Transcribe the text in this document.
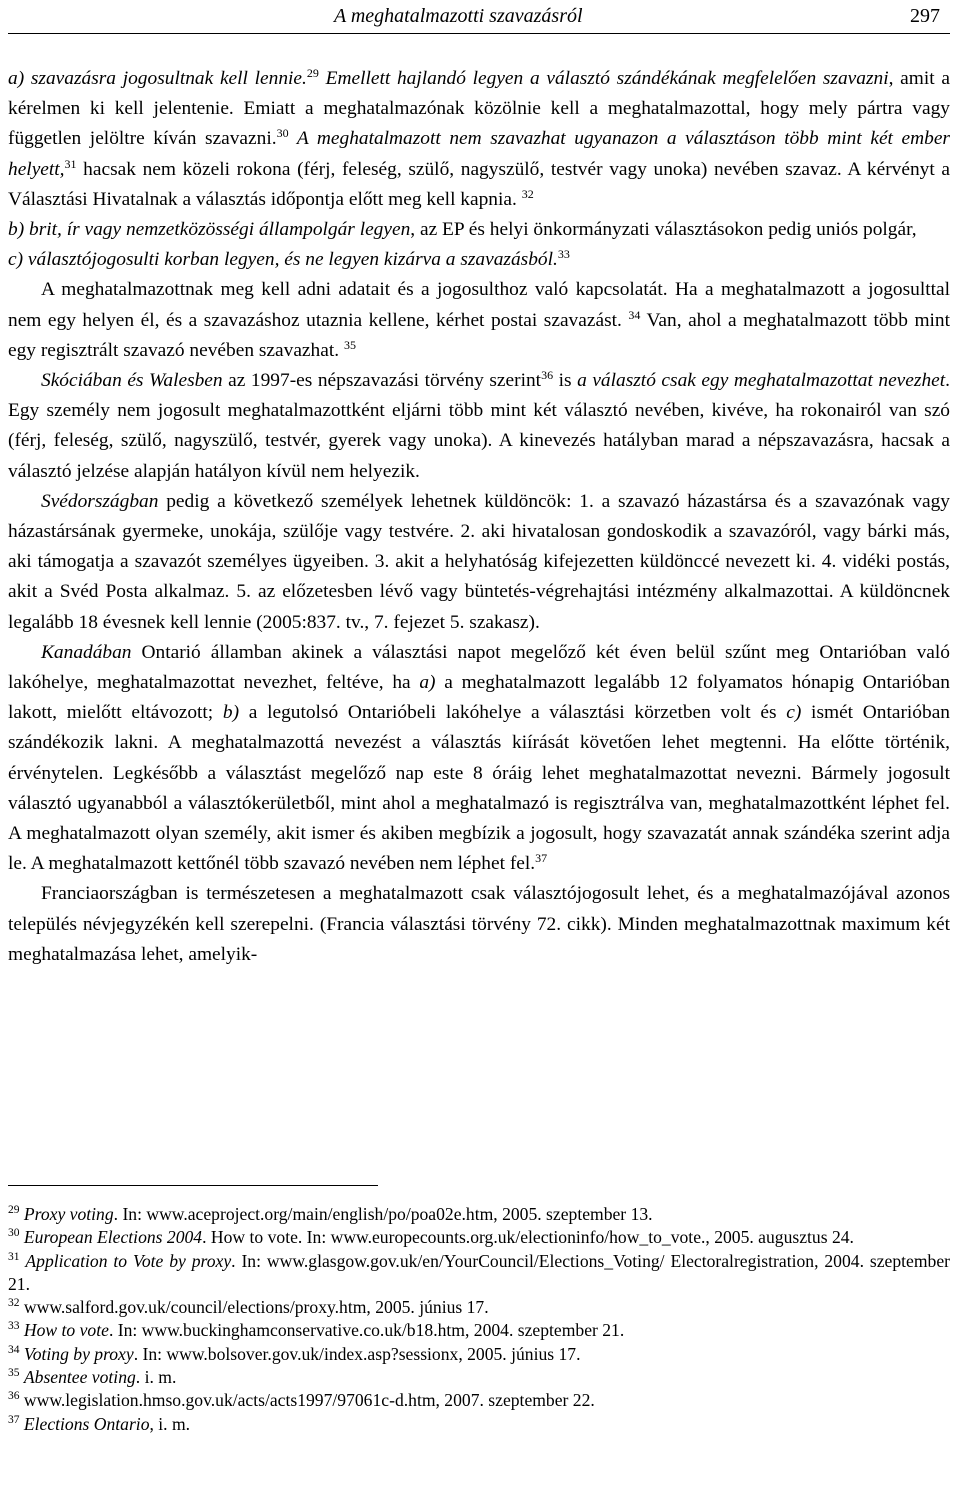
A meghatalmazotti szavazásról	297

a) szavazásra jogosultnak kell lennie.$^{29}$ Emellett hajlandó legyen a választó szándékának megfelelően szavazni, amit a kérelmen ki kell jelentenie. Emiatt a meghatalmazónak közölnie kell a meghatalmazottal, hogy mely pártra vagy független jelöltre kíván szavazni.$^{30}$ A meghatalmazott nem szavazhat ugyanazon a választáson több mint két ember helyett,$^{31}$ hacsak nem közeli rokona (férj, feleség, szülő, nagyszülő, testvér vagy unoka) nevében szavaz. A kérvényt a Választási Hivatalnak a választás időpontja előtt meg kell kapnia. $^{32}$

b) brit, ír vagy nemzetközösségi állampolgár legyen, az EP és helyi önkormányzati választásokon pedig uniós polgár,

c) választójogosulti korban legyen, és ne legyen kizárva a szavazásból.$^{33}$

A meghatalmazottnak meg kell adni adatait és a jogosulthoz való kapcsolatát. Ha a meghatalmazott a jogosulttal nem egy helyen él, és a szavazáshoz utaznia kellene, kérhet postai szavazást. $^{34}$ Van, ahol a meghatalmazott több mint egy regisztrált szavazó nevében szavazhat. $^{35}$

Skóciában és Walesben az 1997-es népszavazási törvény szerint$^{36}$ is a választó csak egy meghatalmazottat nevezhet. Egy személy nem jogosult meghatalmazottként eljárni több mint két választó nevében, kivéve, ha rokonairól van szó (férj, feleség, szülő, nagyszülő, testvér, gyerek vagy unoka). A kinevezés hatályban marad a népszavazásra, hacsak a választó jelzése alapján hatályon kívül nem helyezik.

Svédországban pedig a következő személyek lehetnek küldöncök: 1. a szavazó házastársa és a szavazónak vagy házastársának gyermeke, unokája, szülője vagy testvére. 2. aki hivatalosan gondoskodik a szavazóról, vagy bárki más, aki támogatja a szavazót személyes ügyeiben. 3. akit a helyhatóság kifejezetten küldönccé nevezett ki. 4. vidéki postás, akit a Svéd Posta alkalmaz. 5. az előzetesben lévő vagy büntetés-végrehajtási intézmény alkalmazottai. A küldöncnek legalább 18 évesnek kell lennie (2005:837. tv., 7. fejezet 5. szakasz).

Kanadában Ontarió államban akinek a választási napot megelőző két éven belül szűnt meg Ontarióban való lakóhelye, meghatalmazottat nevezhet, feltéve, ha a) a meghatalmazott legalább 12 folyamatos hónapig Ontarióban lakott, mielőtt eltávozott; b) a legutolsó Ontarióbeli lakóhelye a választási körzetben volt és c) ismét Ontarióban szándékozik lakni. A meghatalmazottá nevezést a választás kiírását követően lehet megtenni. Ha előtte történik, érvénytelen. Legkésőbb a választást megelőző nap este 8 óráig lehet meghatalmazottat nevezni. Bármely jogosult választó ugyanabból a választókerületből, mint ahol a meghatalmazó is regisztrálva van, meghatalmazottként léphet fel. A meghatalmazott olyan személy, akit ismer és akiben megbízik a jogosult, hogy szavazatát annak szándéka szerint adja le. A meghatalmazott kettőnél több szavazó nevében nem léphet fel.$^{37}$

Franciaországban is természetesen a meghatalmazott csak választójogosult lehet, és a meghatalmazójával azonos település névjegyzékén kell szerepelni. (Francia választási törvény 72. cikk). Minden meghatalmazottnak maximum két meghatalmazása lehet, amelyik-

$^{29}$ Proxy voting. In: www.aceproject.org/main/english/po/poa02e.htm, 2005. szeptember 13.

$^{30}$ European Elections 2004. How to vote. In: www.europecounts.org.uk/electioninfo/how_to_vote., 2005. augusztus 24.

$^{31}$ Application to Vote by proxy. In: www.glasgow.gov.uk/en/YourCouncil/Elections_Voting/ Electoralregistration, 2004. szeptember 21.

$^{32}$ www.salford.gov.uk/council/elections/proxy.htm, 2005. június 17.

$^{33}$ How to vote. In: www.buckinghamconservative.co.uk/b18.htm, 2004. szeptember 21.

$^{34}$ Voting by proxy. In: www.bolsover.gov.uk/index.asp?sessionx, 2005. június 17.

$^{35}$ Absentee voting. i. m.

$^{36}$ www.legislation.hmso.gov.uk/acts/acts1997/97061c-d.htm, 2007. szeptember 22.

$^{37}$ Elections Ontario, i. m.
